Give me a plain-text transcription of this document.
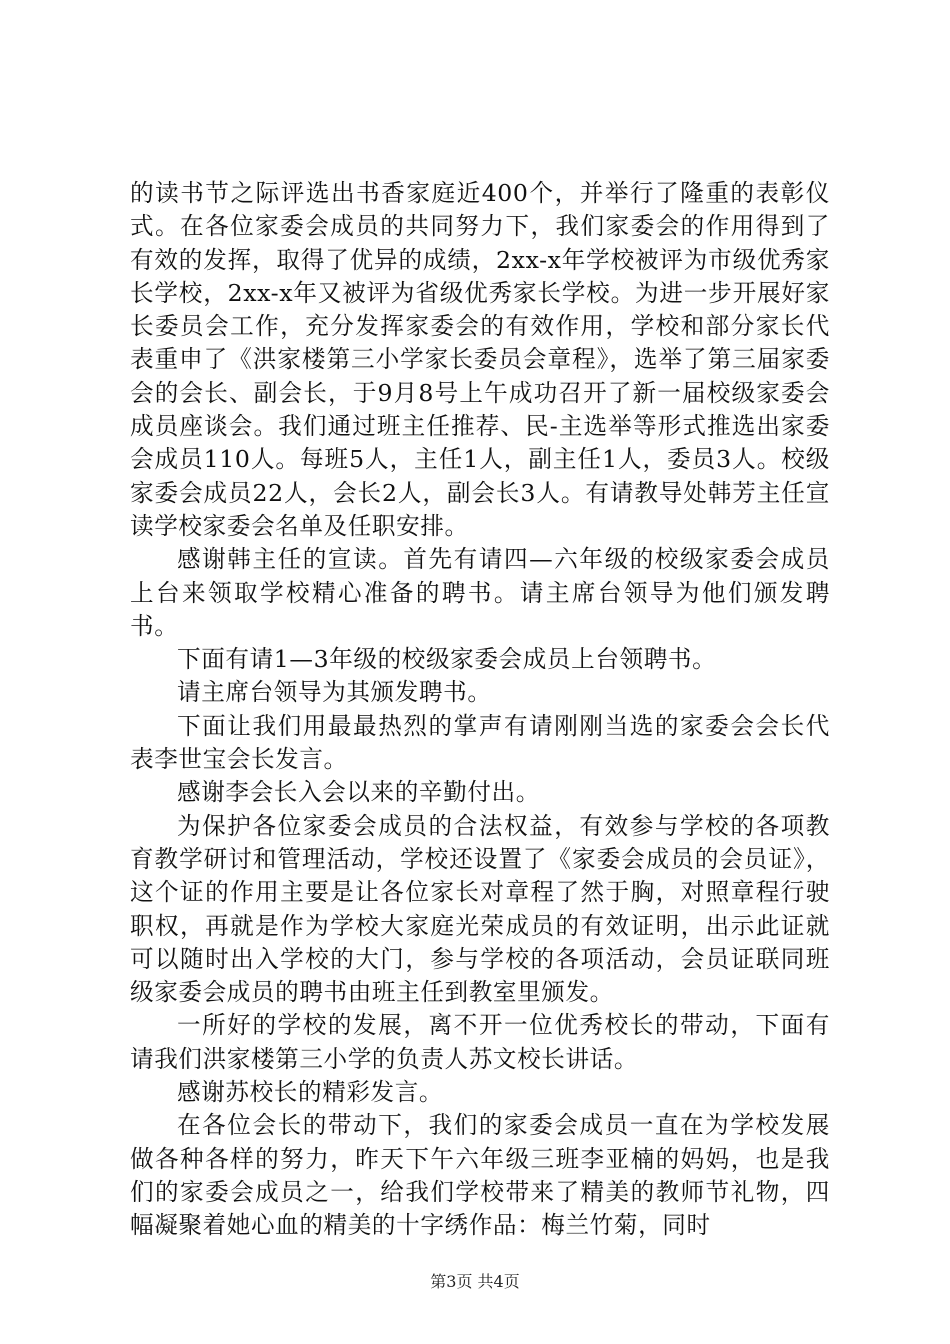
的读书节之际评选出书香家庭近400个，并举行了隆重的表彰仪式。在各位家委会成员的共同努力下，我们家委会的作用得到了有效的发挥，取得了优异的成绩，2xx-x年学校被评为市级优秀家长学校，2xx-x年又被评为省级优秀家长学校。为进一步开展好家长委员会工作，充分发挥家委会的有效作用，学校和部分家长代表重申了《洪家楼第三小学家长委员会章程》，选举了第三届家委会的会长、副会长，于9月8号上午成功召开了新一届校级家委会成员座谈会。我们通过班主任推荐、民-主选举等形式推选出家委会成员110人。每班5人，主任1人，副主任1人，委员3人。校级家委会成员22人，会长2人，副会长3人。有请教导处韩芳主任宣读学校家委会名单及任职安排。

感谢韩主任的宣读。首先有请四—六年级的校级家委会成员上台来领取学校精心准备的聘书。请主席台领导为他们颁发聘书。

下面有请1—3年级的校级家委会成员上台领聘书。

请主席台领导为其颁发聘书。

下面让我们用最最热烈的掌声有请刚刚当选的家委会会长代表李世宝会长发言。

感谢李会长入会以来的辛勤付出。

为保护各位家委会成员的合法权益，有效参与学校的各项教育教学研讨和管理活动，学校还设置了《家委会成员的会员证》，这个证的作用主要是让各位家长对章程了然于胸，对照章程行驶职权，再就是作为学校大家庭光荣成员的有效证明，出示此证就可以随时出入学校的大门，参与学校的各项活动，会员证联同班级家委会成员的聘书由班主任到教室里颁发。

一所好的学校的发展，离不开一位优秀校长的带动，下面有请我们洪家楼第三小学的负责人苏文校长讲话。

感谢苏校长的精彩发言。

在各位会长的带动下，我们的家委会成员一直在为学校发展做各种各样的努力，昨天下午六年级三班李亚楠的妈妈，也是我们的家委会成员之一，给我们学校带来了精美的教师节礼物，四幅凝聚着她心血的精美的十字绣作品：梅兰竹菊，同时

第3页 共4页
